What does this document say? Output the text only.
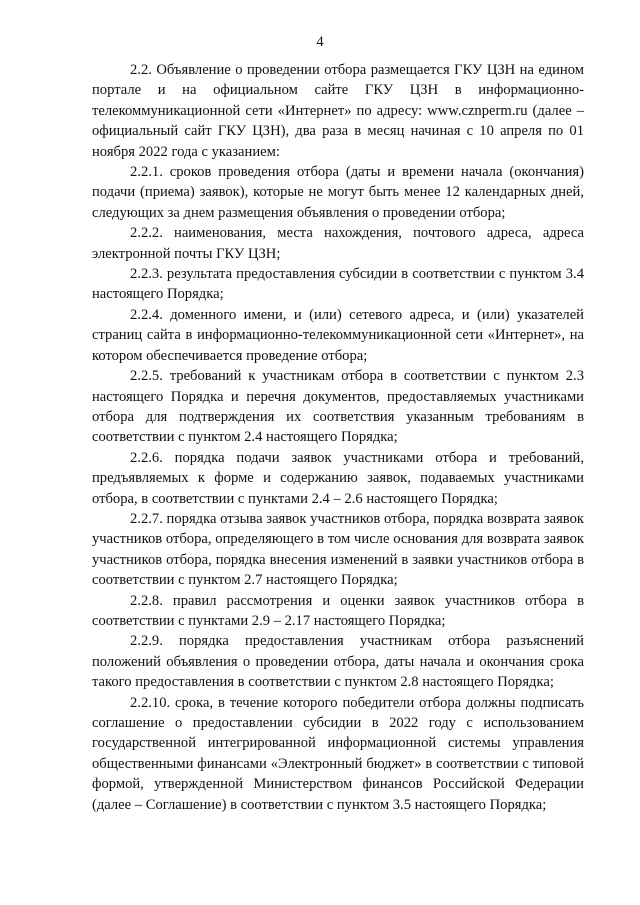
4

2.2. Объявление о проведении отбора размещается ГКУ ЦЗН на едином портале и на официальном сайте ГКУ ЦЗН в информационно-телекоммуникационной сети «Интернет» по адресу: www.cznperm.ru (далее – официальный сайт ГКУ ЦЗН), два раза в месяц начиная с 10 апреля по 01 ноября 2022 года с указанием:

2.2.1. сроков проведения отбора (даты и времени начала (окончания) подачи (приема) заявок), которые не могут быть менее 12 календарных дней, следующих за днем размещения объявления о проведении отбора;

2.2.2. наименования, места нахождения, почтового адреса, адреса электронной почты ГКУ ЦЗН;

2.2.3. результата предоставления субсидии в соответствии с пунктом 3.4 настоящего Порядка;

2.2.4. доменного имени, и (или) сетевого адреса, и (или) указателей страниц сайта в информационно-телекоммуникационной сети «Интернет», на котором обеспечивается проведение отбора;

2.2.5. требований к участникам отбора в соответствии с пунктом 2.3 настоящего Порядка и перечня документов, предоставляемых участниками отбора для подтверждения их соответствия указанным требованиям в соответствии с пунктом 2.4 настоящего Порядка;

2.2.6. порядка подачи заявок участниками отбора и требований, предъявляемых к форме и содержанию заявок, подаваемых участниками отбора, в соответствии с пунктами 2.4 – 2.6 настоящего Порядка;

2.2.7. порядка отзыва заявок участников отбора, порядка возврата заявок участников отбора, определяющего в том числе основания для возврата заявок участников отбора, порядка внесения изменений в заявки участников отбора в соответствии с пунктом 2.7 настоящего Порядка;

2.2.8. правил рассмотрения и оценки заявок участников отбора в соответствии с пунктами 2.9 – 2.17 настоящего Порядка;

2.2.9. порядка предоставления участникам отбора разъяснений положений объявления о проведении отбора, даты начала и окончания срока такого предоставления в соответствии с пунктом 2.8 настоящего Порядка;

2.2.10. срока, в течение которого победители отбора должны подписать соглашение о предоставлении субсидии в 2022 году с использованием государственной интегрированной информационной системы управления общественными финансами «Электронный бюджет» в соответствии с типовой формой, утвержденной Министерством финансов Российской Федерации (далее – Соглашение) в соответствии с пунктом 3.5 настоящего Порядка;
